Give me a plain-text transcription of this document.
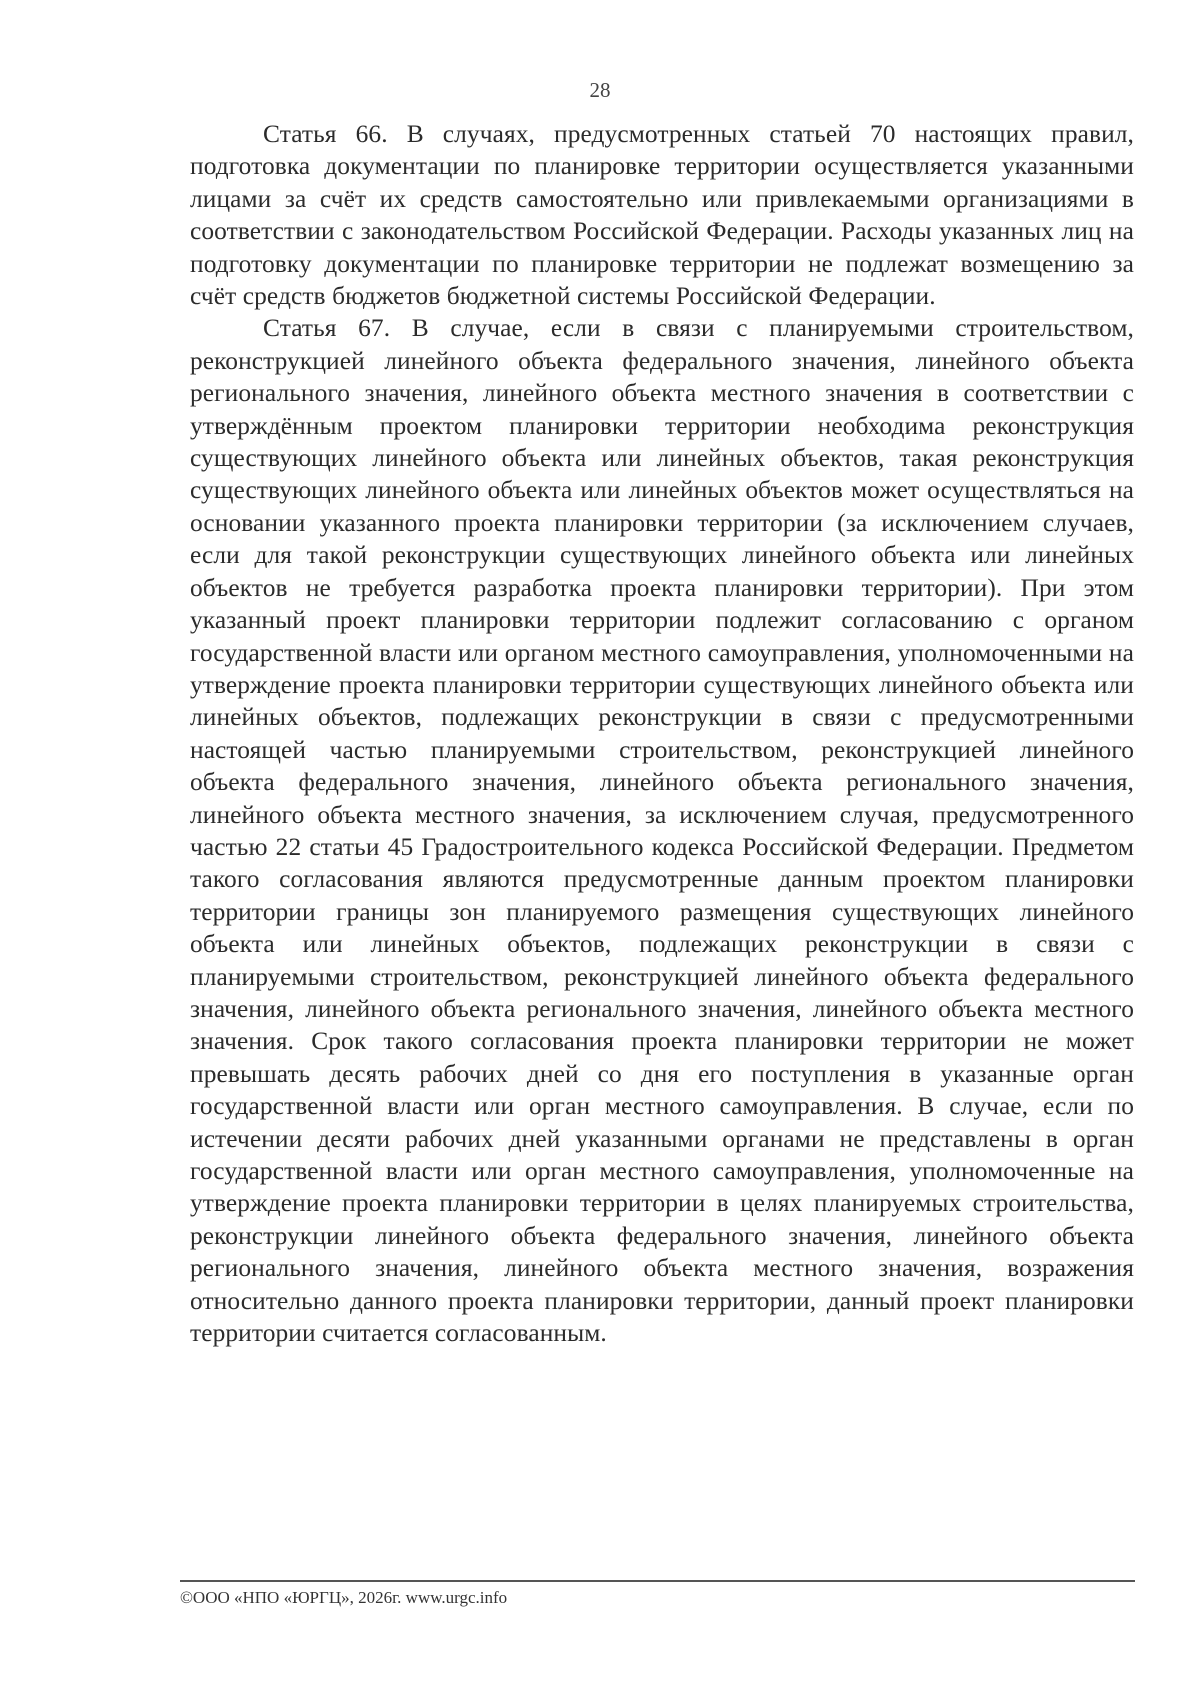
28

Статья 66. В случаях, предусмотренных статьей 70 настоящих правил, подготовка документации по планировке территории осуществляется указанными лицами за счёт их средств самостоятельно или привлекаемыми организациями в соответствии с законодательством Российской Федерации. Расходы указанных лиц на подготовку документации по планировке территории не подлежат возмещению за счёт средств бюджетов бюджетной системы Российской Федерации.

Статья 67. В случае, если в связи с планируемыми строительством, реконструкцией линейного объекта федерального значения, линейного объекта регионального значения, линейного объекта местного значения в соответствии с утверждённым проектом планировки территории необходима реконструкция существующих линейного объекта или линейных объектов, такая реконструкция существующих линейного объекта или линейных объектов может осуществляться на основании указанного проекта планировки территории (за исключением случаев, если для такой реконструкции существующих линейного объекта или линейных объектов не требуется разработка проекта планировки территории). При этом указанный проект планировки территории подлежит согласованию с органом государственной власти или органом местного самоуправления, уполномоченными на утверждение проекта планировки территории существующих линейного объекта или линейных объектов, подлежащих реконструкции в связи с предусмотренными настоящей частью планируемыми строительством, реконструкцией линейного объекта федерального значения, линейного объекта регионального значения, линейного объекта местного значения, за исключением случая, предусмотренного частью 22 статьи 45 Градостроительного кодекса Российской Федерации. Предметом такого согласования являются предусмотренные данным проектом планировки территории границы зон планируемого размещения существующих линейного объекта или линейных объектов, подлежащих реконструкции в связи с планируемыми строительством, реконструкцией линейного объекта федерального значения, линейного объекта регионального значения, линейного объекта местного значения. Срок такого согласования проекта планировки территории не может превышать десять рабочих дней со дня его поступления в указанные орган государственной власти или орган местного самоуправления. В случае, если по истечении десяти рабочих дней указанными органами не представлены в орган государственной власти или орган местного самоуправления, уполномоченные на утверждение проекта планировки территории в целях планируемых строительства, реконструкции линейного объекта федерального значения, линейного объекта регионального значения, линейного объекта местного значения, возражения относительно данного проекта планировки территории, данный проект планировки территории считается согласованным.

©ООО «НПО «ЮРГЦ», 2026г. www.urgc.info
